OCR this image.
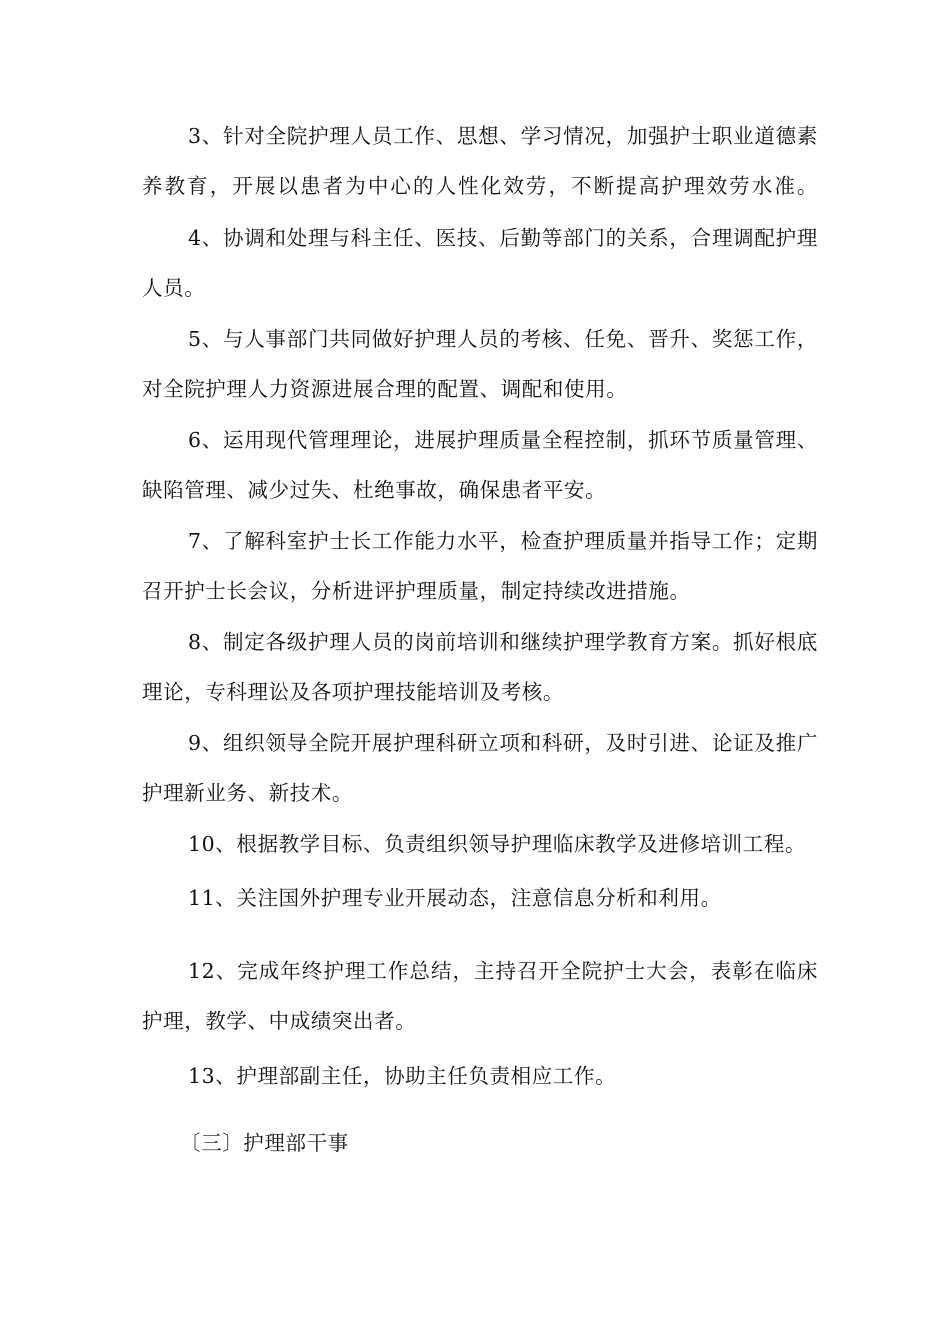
3、针对全院护理人员工作、思想、学习情况，加强护士职业道德素
养教育，开展以患者为中心的人性化效劳，不断提高护理效劳水准。
4、协调和处理与科主任、医技、后勤等部门的关系，合理调配护理
人员。
5、与人事部门共同做好护理人员的考核、任免、晋升、奖惩工作，
对全院护理人力资源进展合理的配置、调配和使用。
6、运用现代管理理论，进展护理质量全程控制，抓环节质量管理、
缺陷管理、减少过失、杜绝事故，确保患者平安。
7、了解科室护士长工作能力水平，检查护理质量并指导工作；定期
召开护士长会议，分析进评护理质量，制定持续改进措施。
8、制定各级护理人员的岗前培训和继续护理学教育方案。抓好根底
理论，专科理讼及各项护理技能培训及考核。
9、组织领导全院开展护理科研立项和科研，及时引进、论证及推广
护理新业务、新技术。
10、根据教学目标、负责组织领导护理临床教学及进修培训工程。
11、关注国外护理专业开展动态，注意信息分析和利用。
12、完成年终护理工作总结，主持召开全院护士大会，表彰在临床
护理，教学、中成绩突出者。
13、护理部副主任，协助主任负责相应工作。
〔三〕护理部干事
